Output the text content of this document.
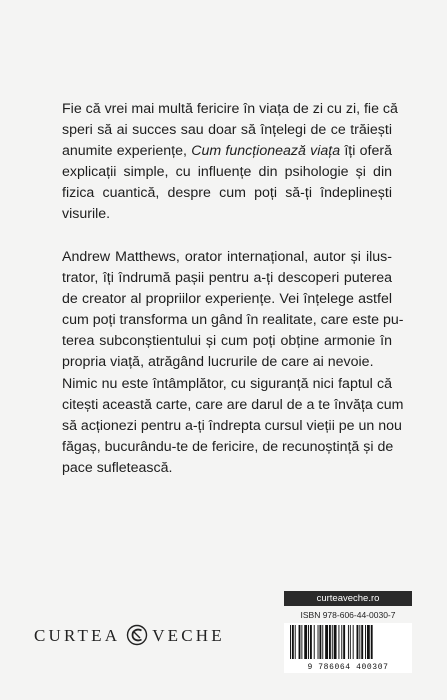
Fie că vrei mai multă fericire în viața de zi cu zi, fie că
speri să ai succes sau doar să înțelegi de ce trăiești
anumite experiențe, Cum funcționează viața îți oferă
explicații simple, cu influențe din psihologie și din
fizica cuantică, despre cum poți să-ți îndeplinești
visurile.
Andrew Matthews, orator internațional, autor și ilus-
trator, îți îndrumă pașii pentru a-ți descoperi puterea
de creator al propriilor experiențe. Vei înțelege astfel
cum poți transforma un gând în realitate, care este pu-
terea subconștientului și cum poți obține armonie în
propria viață, atrăgând lucrurile de care ai nevoie.
Nimic nu este întâmplător, cu siguranță nici faptul că
citești această carte, care are darul de a te învăța cum
să acționezi pentru a-ți îndrepta cursul vieții pe un nou
făgaș, bucurându-te de fericire, de recunoștință și de
pace sufletească.
CURTEA VECHE
curteaveche.ro
ISBN 978-606-44-0030-7
9 786064 400307
